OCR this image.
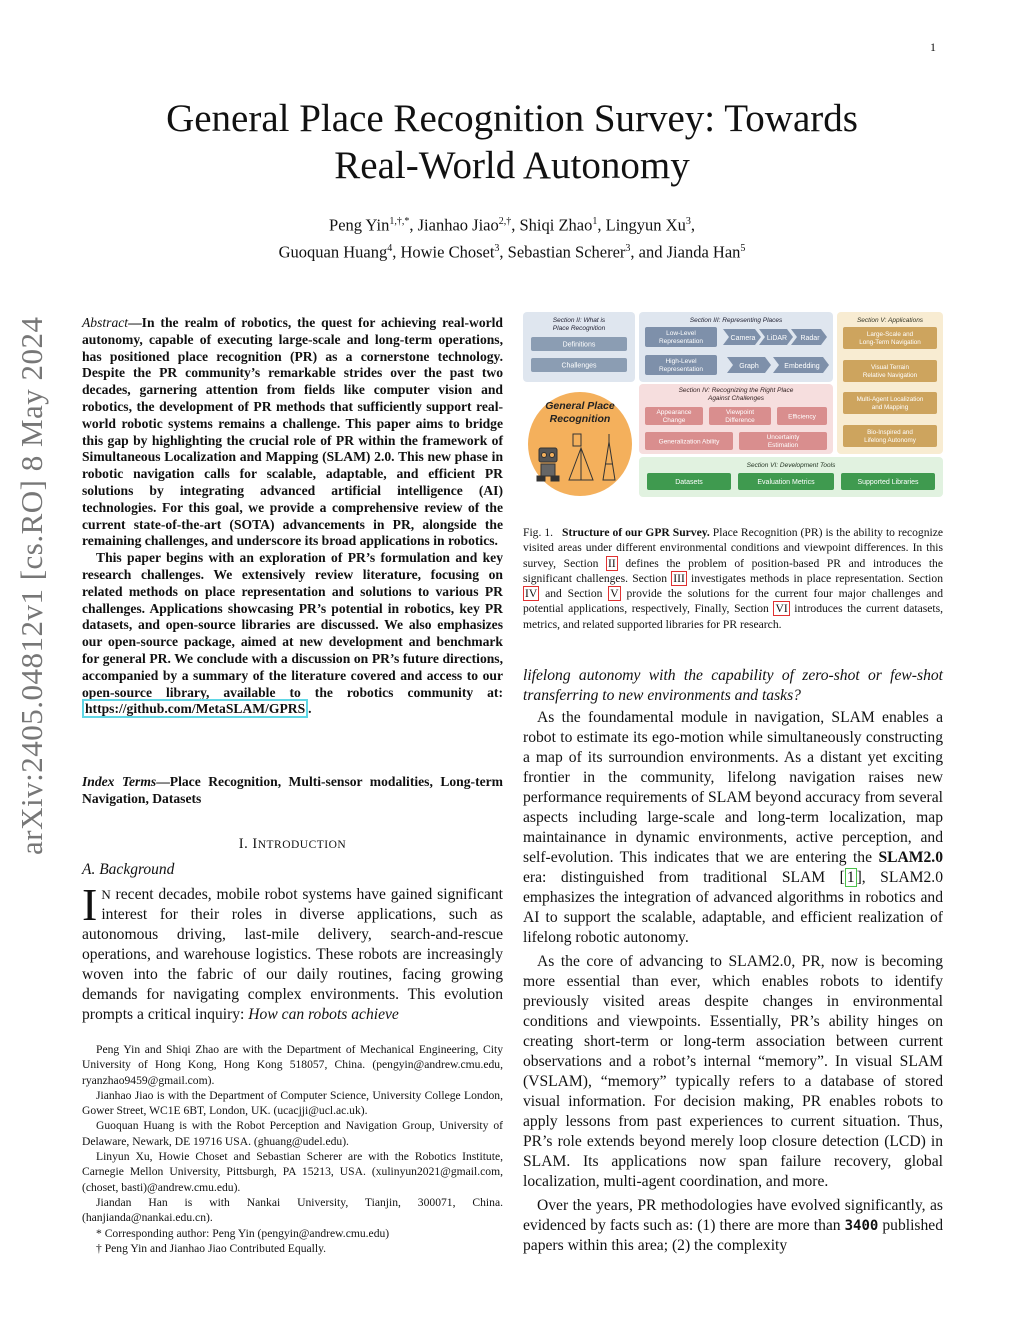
1
arXiv:2405.04812v1 [cs.RO] 8 May 2024
General Place Recognition Survey: Towards
Real-World Autonomy
Peng Yin$^{1,\dagger,*}$, Jianhao Jiao$^{2,\dagger}$, Shiqi Zhao$^1$, Lingyun Xu$^3$,
Guoquan Huang$^4$, Howie Choset$^3$, Sebastian Scherer$^3$, and Jianda Han$^5$

Abstract—In the realm of robotics, the quest for achieving real-world autonomy, capable of executing large-scale and long-term operations, has positioned place recognition (PR) as a cornerstone technology. Despite the PR community’s remarkable strides over the past two decades, garnering attention from fields like computer vision and robotics, the development of PR methods that sufficiently support real-world robotic systems remains a challenge. This paper aims to bridge this gap by highlighting the crucial role of PR within the framework of Simultaneous Localization and Mapping (SLAM) 2.0. This new phase in robotic navigation calls for scalable, adaptable, and efficient PR solutions by integrating advanced artificial intelligence (AI) technologies. For this goal, we provide a comprehensive review of the current state-of-the-art (SOTA) advancements in PR, alongside the remaining challenges, and underscore its broad applications in robotics.

This paper begins with an exploration of PR’s formulation and key research challenges. We extensively review literature, focusing on related methods on place representation and solutions to various PR challenges. Applications showcasing PR’s potential in robotics, key PR datasets, and open-source libraries are discussed. We also emphasizes our open-source package, aimed at new development and benchmark for general PR. We conclude with a discussion on PR’s future directions, accompanied by a summary of the literature covered and access to our open-source library, available to the robotics community at: https://github.com/MetaSLAM/GPRS .

Index Terms—Place Recognition, Multi-sensor modalities, Long-term Navigation, Datasets
I. INTRODUCTION
A. Background
I N recent decades, mobile robot systems have gained significant interest for their roles in diverse applications, such as autonomous driving, last-mile delivery, search-and-rescue operations, and warehouse logistics. These robots are increasingly woven into the fabric of our daily routines, facing growing demands for navigating complex environments. This evolution prompts a critical inquiry: How can robots achieve

Peng Yin and Shiqi Zhao are with the Department of Mechanical Engineering, City University of Hong Kong, Hong Kong 518057, China. (pengyin@andrew.cmu.edu, ryanzhao9459@gmail.com).

Jianhao Jiao is with the Department of Computer Science, University College London, Gower Street, WC1E 6BT, London, UK. (ucacjji@ucl.ac.uk).

Guoquan Huang is with the Robot Perception and Navigation Group, University of Delaware, Newark, DE 19716 USA. (ghuang@udel.edu).

Linyun Xu, Howie Choset and Sebastian Scherer are with the Robotics Institute, Carnegie Mellon University, Pittsburgh, PA 15213, USA. (xulinyun2021@gmail.com, (choset, basti)@andrew.cmu.edu).

Jiandan Han is with Nankai University, Tianjin, 300071, China. (hanjianda@nankai.edu.cn).

* Corresponding author: Peng Yin (pengyin@andrew.cmu.edu)

† Peng Yin and Jianhao Jiao Contributed Equally.

Section II: What is Place Recognition
Definitions
Challenges
General Place Recognition
Section III: Representing Places
Low-Level Representation	Camera LiDAR Radar
High-Level Representation	Graph	Embedding
Section IV: Recognizing the Right Place Against Challenges
Appearance Change
Viewpoint Difference	Efficiency
Generalization Ability
Uncertainty Estimation
Section V: Applications
Large-Scale and Long-Term Navigation
Visual Terrain Relative Navigation
Multi-Agent Localization and Mapping
Bio-Inspired and Lifelong Autonomy
Section VI: Development Tools
Datasets	Evaluation Metrics	Supported Libraries
Fig. 1. Structure of our GPR Survey. Place Recognition (PR) is the ability to recognize visited areas under different environmental conditions and viewpoint differences. In this survey, Section II defines the problem of position-based PR and introduces the significant challenges. Section III investigates methods in place representation. Section IV and Section V provide the solutions for the current four major challenges and potential applications, respectively, Finally, Section VI introduces the current datasets, metrics, and related supported libraries for PR research.

lifelong autonomy with the capability of zero-shot or few-shot transferring to new environments and tasks?

As the foundamental module in navigation, SLAM enables a robot to estimate its ego-motion while simultaneously constructing a map of its surroundion environments. As a distant yet exciting frontier in the community, lifelong navigation raises new performance requirements of SLAM beyond accuracy from several aspects including large-scale and long-term localization, map maintainance in dynamic environments, active perception, and self-evolution. This indicates that we are entering the SLAM2.0 era: distinguished from traditional SLAM [ 1 ], SLAM2.0 emphasizes the integration of advanced algorithms in robotics and AI to support the scalable, adaptable, and efficient realization of lifelong robotic autonomy.

As the core of advancing to SLAM2.0, PR, now is becoming more essential than ever, which enables robots to identify previously visited areas despite changes in environmental conditions and viewpoints. Essentially, PR’s ability hinges on creating short-term or long-term association between current observations and a robot’s internal “memory”. In visual SLAM (VSLAM), “memory” typically refers to a database of stored visual information. For decision making, PR enables robots to apply lessons from past experiences to current situation. Thus, PR’s role extends beyond merely loop closure detection (LCD) in SLAM. Its applications now span failure recovery, global localization, multi-agent coordination, and more.

Over the years, PR methodologies have evolved significantly, as evidenced by facts such as: (1) there are more than 3400 published papers within this area; (2) the complexity
